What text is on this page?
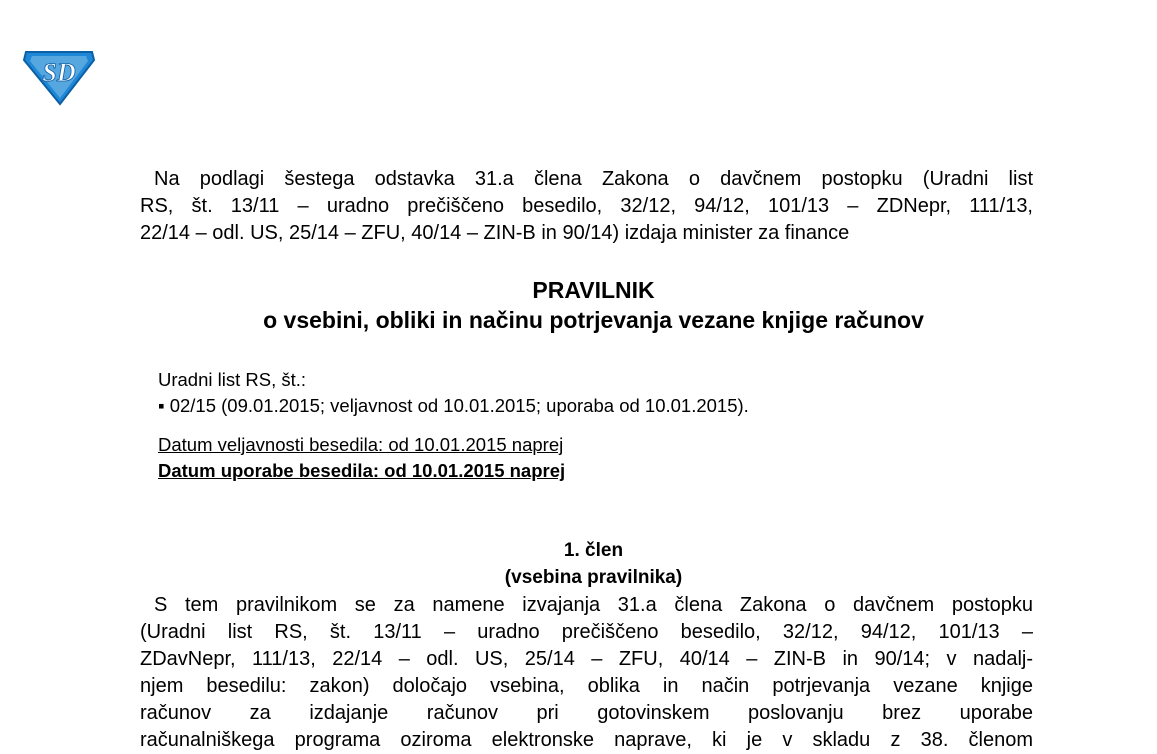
SD
Na podlagi šestega odstavka 31.a člena Zakona o davčnem postopku (Uradni list
RS, št. 13/11 – uradno prečiščeno besedilo, 32/12, 94/12, 101/13 – ZDNepr, 111/13,
22/14 – odl. US, 25/14 – ZFU, 40/14 – ZIN-B in 90/14) izdaja minister za finance
PRAVILNIK
o vsebini, obliki in načinu potrjevanja vezane knjige računov
Uradni list RS, št.:
▪ 02/15 (09.01.2015; veljavnost od 10.01.2015; uporaba od 10.01.2015).
Datum veljavnosti besedila: od 10.01.2015 naprej
Datum uporabe besedila: od 10.01.2015 naprej
1. člen
(vsebina pravilnika)
S tem pravilnikom se za namene izvajanja 31.a člena Zakona o davčnem postopku
(Uradni list RS, št. 13/11 – uradno prečiščeno besedilo, 32/12, 94/12, 101/13 –
ZDavNepr, 111/13, 22/14 – odl. US, 25/14 – ZFU, 40/14 – ZIN-B in 90/14; v nadalj-
njem besedilu: zakon) določajo vsebina, oblika in način potrjevanja vezane knjige
računov za izdajanje računov pri gotovinskem poslovanju brez uporabe
računalniškega programa oziroma elektronske naprave, ki je v skladu z 38. členom
